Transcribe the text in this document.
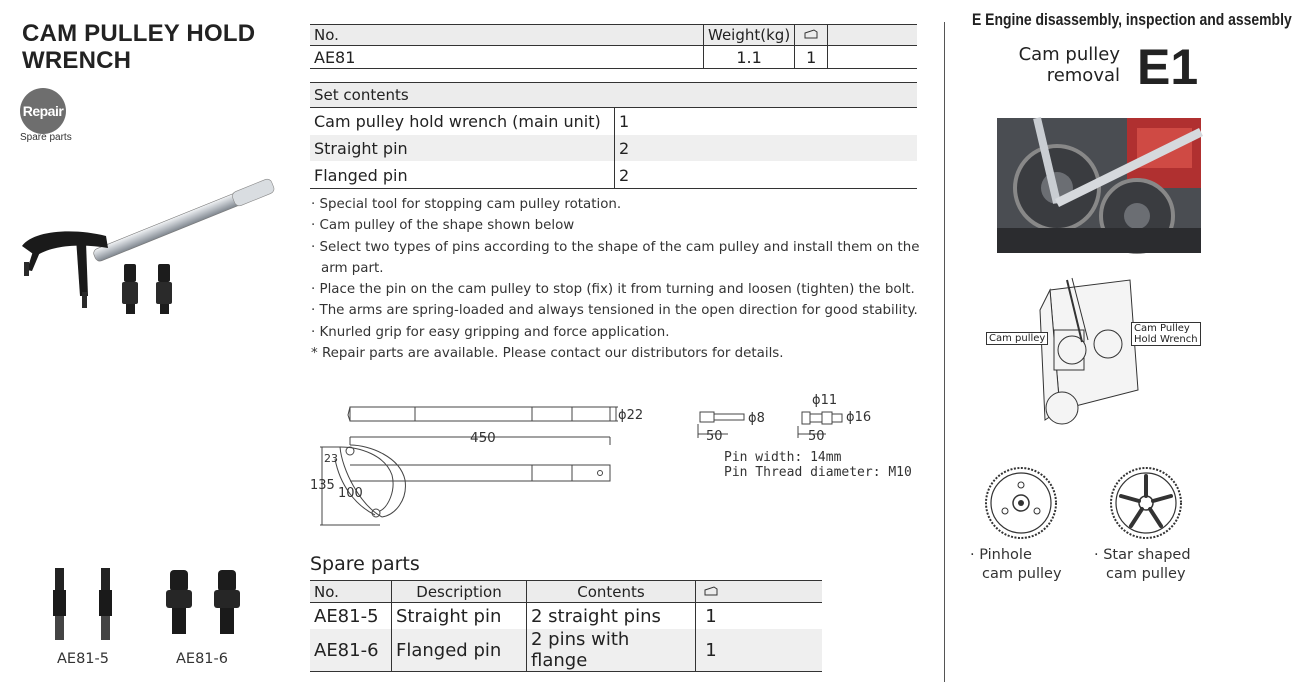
CAM PULLEY HOLD
WRENCH
Repair
Spare parts
AE81-5	AE81-6
No.	Weight(kg)		
AE81	1.1	1	
Set contents	
Cam pulley hold wrench (main unit)	1
Straight pin	2
Flanged pin	2
· Special tool for stopping cam pulley rotation.
· Cam pulley of the shape shown below
· Select two types of pins according to the shape of the cam pulley and install them on the
arm part.
· Place the pin on the cam pulley to stop (fix) it from turning and loosen (tighten) the bolt.
· The arms are spring-loaded and always tensioned in the open direction for good stability.
· Knurled grip for easy gripping and force application.
* Repair parts are available. Please contact our distributors for details.
450
ϕ22
23
135
100
ϕ8
50
ϕ11
ϕ16
50
Pin width: 14mm
Pin Thread diameter: M10
Spare parts
No.	Description	Contents		
AE81-5	Straight pin	2 straight pins	1	
AE81-6	Flanged pin	2 pins with flange	1	
E Engine disassembly, inspection and assembly
Cam pulley
removal E1
Cam pulley
Cam Pulley
Hold Wrench
· Pinhole
cam pulley
· Star shaped
cam pulley
